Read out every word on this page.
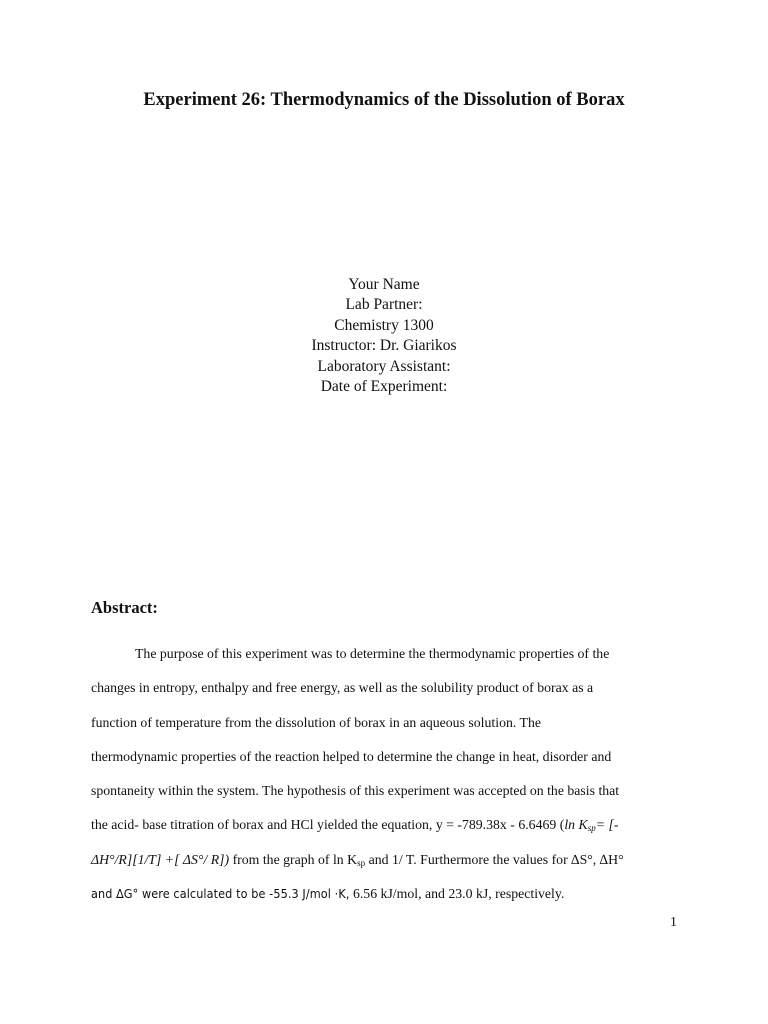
Experiment 26: Thermodynamics of the Dissolution of Borax
Your Name
Lab Partner:
Chemistry 1300
Instructor: Dr. Giarikos
Laboratory Assistant:
Date of Experiment:
Abstract:
The purpose of this experiment was to determine the thermodynamic properties of the
changes in entropy, enthalpy and free energy, as well as the solubility product of borax as a
function of temperature from the dissolution of borax in an aqueous solution. The
thermodynamic properties of the reaction helped to determine the change in heat, disorder and
spontaneity within the system. The hypothesis of this experiment was accepted on the basis that
the acid- base titration of borax and HCl yielded the equation, y = -789.38x - 6.6469 (ln $K_{sp}=$ [-
ΔH°/R][1/T] +[ ΔS°/ R]) from the graph of $\ln K_{sp}$ and 1/ T. Furthermore the values for ∆S°, ∆H°
and ∆G° were calculated to be -55.3 J/mol ·K, 6.56 kJ/mol, and 23.0 kJ, respectively.
1
